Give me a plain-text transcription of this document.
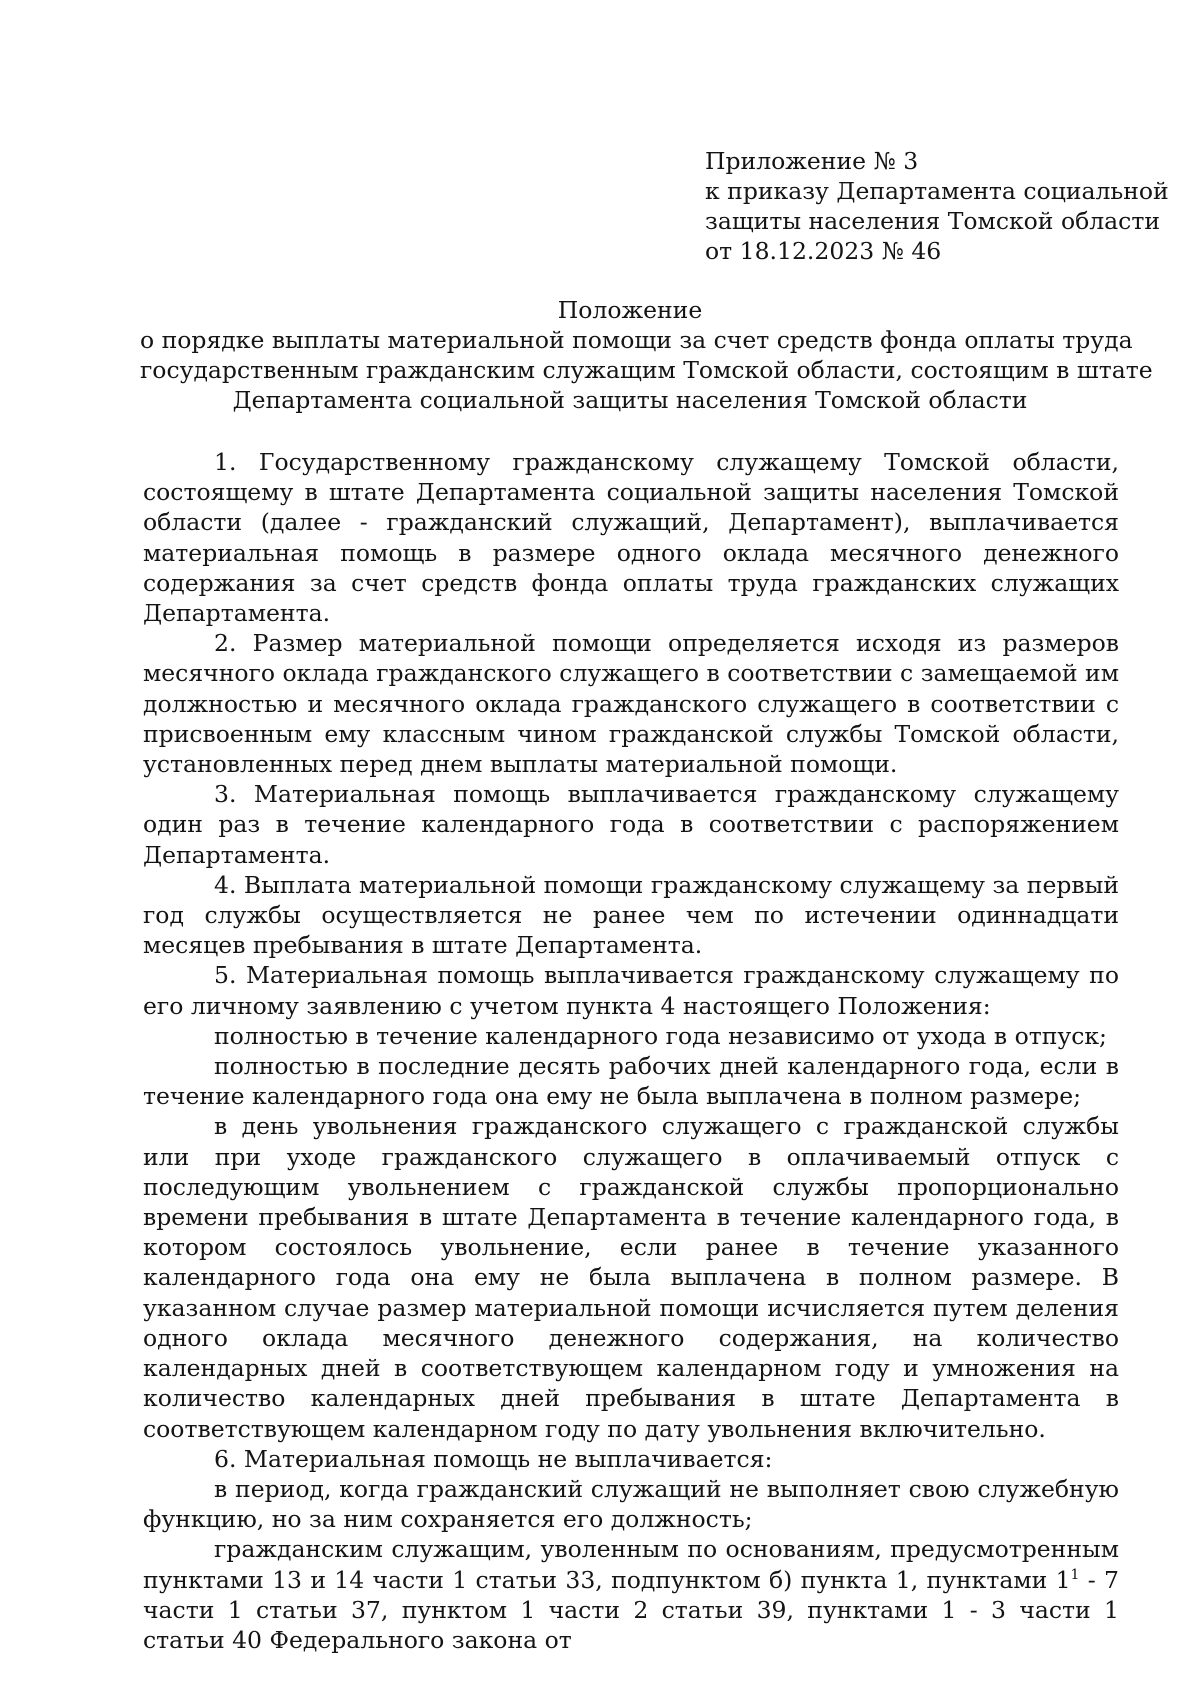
Приложение № 3
к приказу Департамента социальной
защиты населения Томской области
от 18.12.2023 № 46
Положение
о порядке выплаты материальной помощи за счет средств фонда оплаты труда
государственным гражданским служащим Томской области, состоящим в штате
Департамента социальной защиты населения Томской области

1. Государственному гражданскому служащему Томской области, состоящему в штате Департамента социальной защиты населения Томской области (далее - гражданский служащий, Департамент), выплачивается материальная помощь в размере одного оклада месячного денежного содержания за счет средств фонда оплаты труда гражданских служащих Департамента.

2. Размер материальной помощи определяется исходя из размеров месячного оклада гражданского служащего в соответствии с замещаемой им должностью и месячного оклада гражданского служащего в соответствии с присвоенным ему классным чином гражданской службы Томской области, установленных перед днем выплаты материальной помощи.

3. Материальная помощь выплачивается гражданскому служащему один раз в течение календарного года в соответствии с распоряжением Департамента.

4. Выплата материальной помощи гражданскому служащему за первый год службы осуществляется не ранее чем по истечении одиннадцати месяцев пребывания в штате Департамента.

5. Материальная помощь выплачивается гражданскому служащему по его личному заявлению с учетом пункта 4 настоящего Положения:

полностью в течение календарного года независимо от ухода в отпуск;

полностью в последние десять рабочих дней календарного года, если в течение календарного года она ему не была выплачена в полном размере;

в день увольнения гражданского служащего с гражданской службы или при уходе гражданского служащего в оплачиваемый отпуск с последующим увольнением с гражданской службы пропорционально времени пребывания в штате Департамента в течение календарного года, в котором состоялось увольнение, если ранее в течение указанного календарного года она ему не была выплачена в полном размере. В указанном случае размер материальной помощи исчисляется путем деления одного оклада месячного денежного содержания, на количество календарных дней в соответствующем календарном году и умножения на количество календарных дней пребывания в штате Департамента в соответствующем календарном году по дату увольнения включительно.

6. Материальная помощь не выплачивается:

в период, когда гражданский служащий не выполняет свою служебную функцию, но за ним сохраняется его должность;

гражданским служащим, уволенным по основаниям, предусмотренным пунктами 13 и 14 части 1 статьи 33, подпунктом б) пункта 1, пунктами $1^1 - 7$ части 1 статьи 37, пунктом 1 части 2 статьи 39, пунктами 1 - 3 части 1 статьи 40 Федерального закона от
